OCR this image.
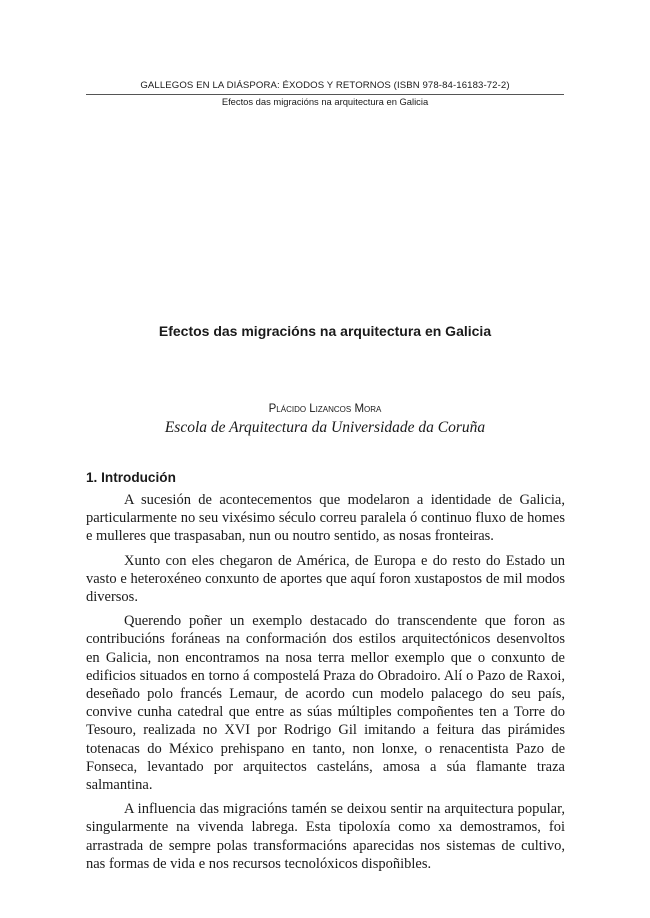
GALLEGOS EN LA DIÁSPORA: ÉXODOS Y RETORNOS (ISBN 978-84-16183-72-2)
Efectos das migracións na arquitectura en Galicia
Efectos das migracións na arquitectura en Galicia
Plácido Lizancos Mora
Escola de Arquitectura da Universidade da Coruña
1. Introdución

A sucesión de acontecementos que modelaron a identidade de Galicia, particularmente no seu vixésimo século correu paralela ó continuo fluxo de homes e mulleres que traspasaban, nun ou noutro sentido, as nosas fronteiras.

Xunto con eles chegaron de América, de Europa e do resto do Estado un vasto e heteroxéneo conxunto de aportes que aquí foron xustapostos de mil modos diversos.

Querendo poñer un exemplo destacado do transcendente que foron as contribucións foráneas na conformación dos estilos arquitectónicos desenvoltos en Galicia, non encontramos na nosa terra mellor exemplo que o conxunto de edificios situados en torno á compostelá Praza do Obradoiro. Alí o Pazo de Raxoi, deseñado polo francés Lemaur, de acordo cun modelo palacego do seu país, convive cunha catedral que entre as súas múltiples compoñentes ten a Torre do Tesouro, realizada no XVI por Rodrigo Gil imitando a feitura das pirámides totenacas do México prehispano en tanto, non lonxe, o renacentista Pazo de Fonseca, levantado por arquitectos casteláns, amosa a súa flamante traza salmantina.

A influencia das migracións tamén se deixou sentir na arquitectura popular, singularmente na vivenda labrega. Esta tipoloxía como xa demostramos, foi arrastrada de sempre polas transformacións aparecidas nos sistemas de cultivo, nas formas de vida e nos recursos tecnolóxicos dispoñibles.
